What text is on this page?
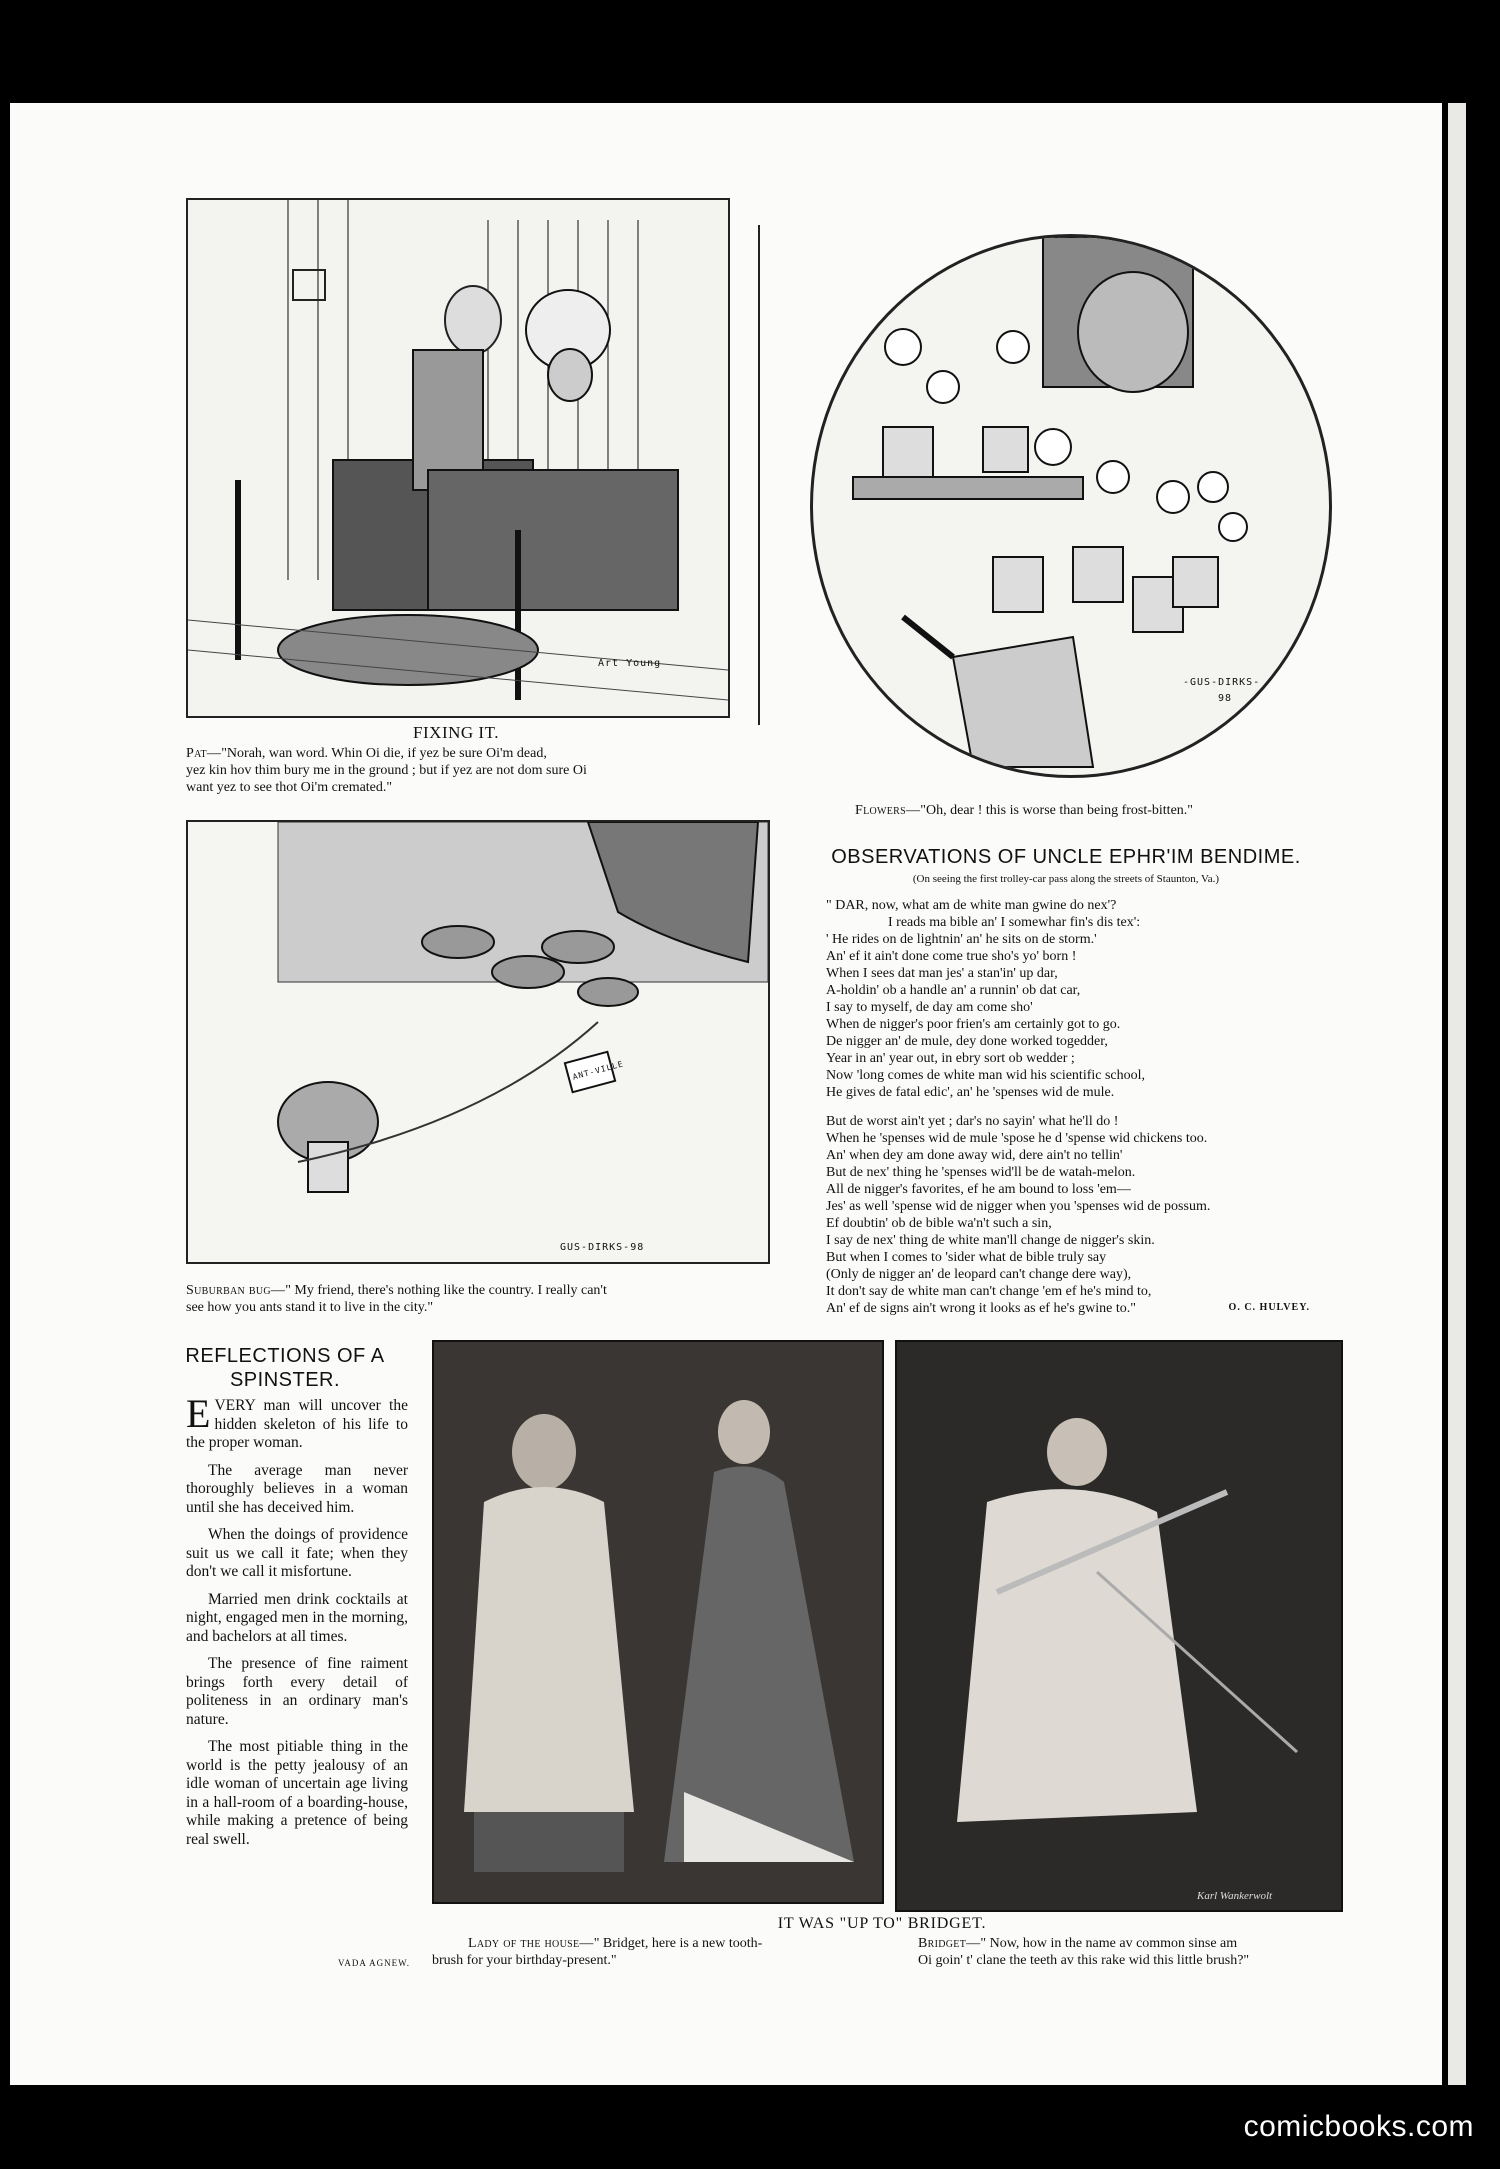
Art Young
FIXING IT.
Pat—"Norah, wan word. Whin Oi die, if yez be sure Oi'm dead,
yez kin hov thim bury me in the ground ; but if yez are not dom sure Oi
want yez to see thot Oi'm cremated."
-GUS-DIRKS-
98
Flowers—"Oh, dear ! this is worse than being frost-bitten."
ANT-VILLE
GUS-DIRKS-98
Suburban bug—" My friend, there's nothing like the country. I really can't
see how you ants stand it to live in the city."
OBSERVATIONS OF UNCLE EPHR'IM BENDIME.
(On seeing the first trolley-car pass along the streets of Staunton, Va.)

" DAR, now, what am de white man gwine do nex'?

I reads ma bible an' I somewhar fin's dis tex':

' He rides on de lightnin' an' he sits on de storm.'

An' ef it ain't done come true sho's yo' born !

When I sees dat man jes' a stan'in' up dar,

A-holdin' ob a handle an' a runnin' ob dat car,

I say to myself, de day am come sho'

When de nigger's poor frien's am certainly got to go.

De nigger an' de mule, dey done worked togedder,

Year in an' year out, in ebry sort ob wedder ;

Now 'long comes de white man wid his scientific school,

He gives de fatal edic', an' he 'spenses wid de mule.

But de worst ain't yet ; dar's no sayin' what he'll do !

When he 'spenses wid de mule 'spose he d 'spense wid chickens too.

An' when dey am done away wid, dere ain't no tellin'

But de nex' thing he 'spenses wid'll be de watah-melon.

All de nigger's favorites, ef he am bound to loss 'em—

Jes' as well 'spense wid de nigger when you 'spenses wid de possum.

Ef doubtin' ob de bible wa'n't such a sin,

I say de nex' thing de white man'll change de nigger's skin.

But when I comes to 'sider what de bible truly say

(Only de nigger an' de leopard can't change dere way),

It don't say de white man can't change 'em ef he's mind to,

An' ef de signs ain't wrong it looks as ef he's gwine to."	O. C. HULVEY.
REFLECTIONS OF A
SPINSTER.

EVERY man will uncover the hidden skeleton of his life to the proper woman.

The average man never thoroughly believes in a woman until she has deceived him.

When the doings of providence suit us we call it fate; when they don't we call it misfortune.

Married men drink cocktails at night, engaged men in the morning, and bachelors at all times.

The presence of fine raiment brings forth every detail of politeness in an ordinary man's nature.

The most pitiable thing in the world is the petty jealousy of an idle woman of uncertain age living in a hall-room of a boarding-house, while making a pretence of being real swell.

VADA AGNEW.
Karl Wankerwolt
IT WAS "UP TO" BRIDGET.
Lady of the house—" Bridget, here is a new tooth-
brush for your birthday-present."
Bridget—" Now, how in the name av common sinse am
Oi goin' t' clane the teeth av this rake wid this little brush?"
comicbooks.com
